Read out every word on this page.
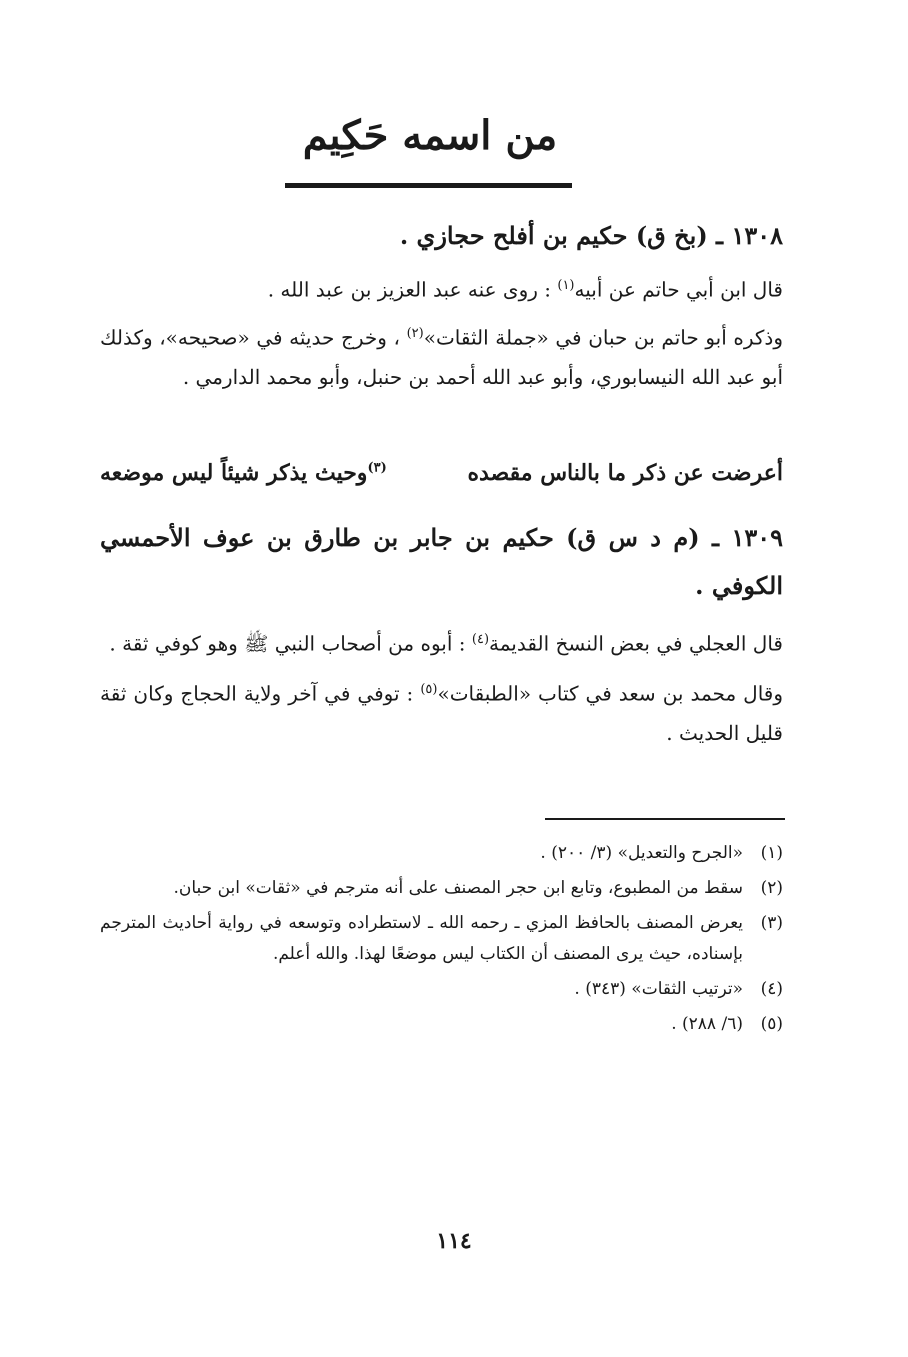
من اسمه حَكِيم
١٣٠٨ ـ (بخ ق) حكيم بن أفلح حجازي .
قال ابن أبي حاتم عن أبيه$^{(١)}$ : روى عنه عبد العزيز بن عبد الله .
وذكره أبو حاتم بن حبان في «جملة الثقات»$^{(٢)}$ ، وخرج حديثه في «صحيحه»، وكذلك أبو عبد الله النيسابوري، وأبو عبد الله أحمد بن حنبل، وأبو محمد الدارمي .
أعرضت عن ذكر ما بالناس مقصده
$^{(٣)}$وحيث يذكر شيئاً ليس موضعه
١٣٠٩ ـ (م د س ق) حكيم بن جابر بن طارق بن عوف الأحمسي الكوفي .
قال العجلي في بعض النسخ القديمة$^{(٤)}$ : أبوه من أصحاب النبي ﷺ وهو كوفي ثقة .
وقال محمد بن سعد في كتاب «الطبقات»$^{(٥)}$ : توفي في آخر ولاية الحجاج وكان ثقة قليل الحديث .
(١)
«الجرح والتعديل» (٣/ ٢٠٠) .
(٢)
سقط من المطبوع، وتابع ابن حجر المصنف على أنه مترجم في «ثقات» ابن حبان.
(٣)
يعرض المصنف بالحافظ المزي ـ رحمه الله ـ لاستطراده وتوسعه في رواية أحاديث المترجم بإسناده، حيث يرى المصنف أن الكتاب ليس موضعًا لهذا. والله أعلم.
(٤)
«ترتيب الثقات» (٣٤٣) .
(٥)
(٦/ ٢٨٨) .
١١٤
